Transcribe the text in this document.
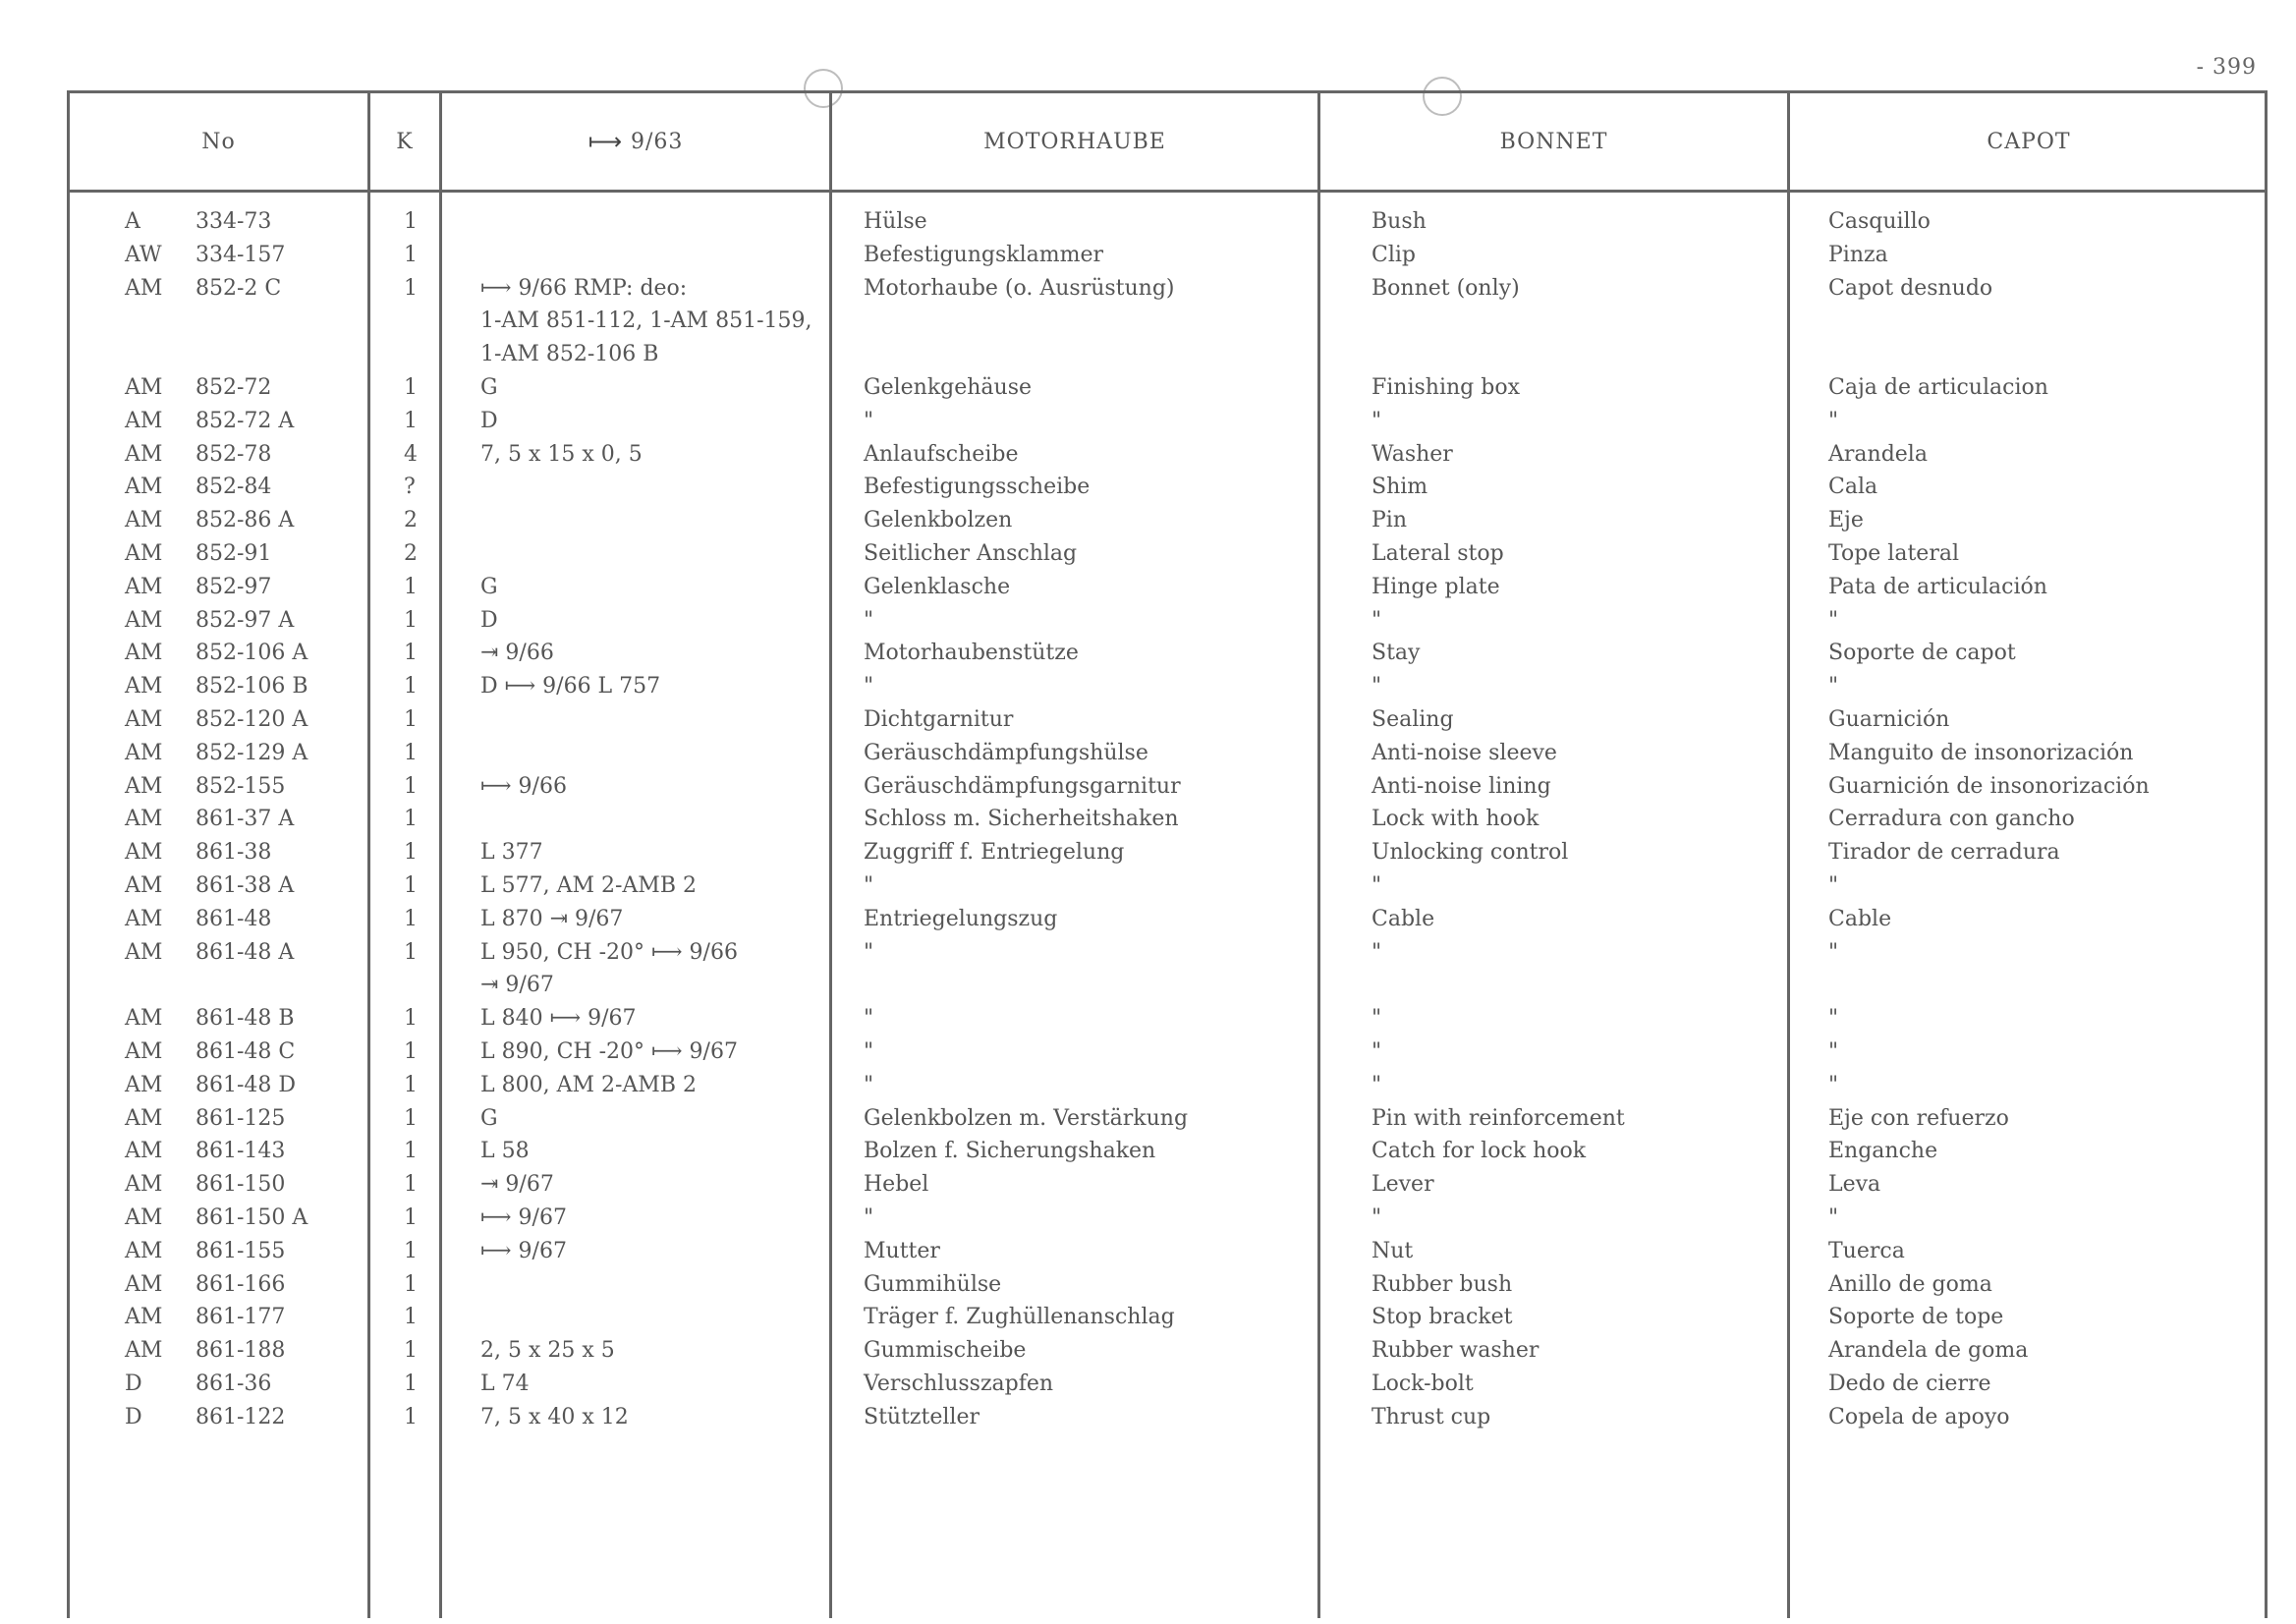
- 399
No	K	⟼ 9/63	MOTORHAUBE	BONNET	CAPOT
A	334-73	1	Hülse	Bush	Casquillo
AW	334-157	1	Befestigungsklammer	Clip	Pinza
AM	852-2 C	1	⟼ 9/66 RMP: deo:	Motorhaube (o. Ausrüstung)	Bonnet (only)	Capot desnudo
1-AM 851-112, 1-AM 851-159,
1-AM 852-106 B
AM	852-72	1	G	Gelenkgehäuse	Finishing box	Caja de articulacion
AM	852-72 A	1	D	"	"	"
AM	852-78	4	7, 5 x 15 x 0, 5	Anlaufscheibe	Washer	Arandela
AM	852-84	?	Befestigungsscheibe	Shim	Cala
AM	852-86 A	2	Gelenkbolzen	Pin	Eje
AM	852-91	2	Seitlicher Anschlag	Lateral stop	Tope lateral
AM	852-97	1	G	Gelenklasche	Hinge plate	Pata de articulación
AM	852-97 A	1	D	"	"	"
AM	852-106 A	1	⇥ 9/66	Motorhaubenstütze	Stay	Soporte de capot
AM	852-106 B	1	D ⟼ 9/66 L 757	"	"	"
AM	852-120 A	1	Dichtgarnitur	Sealing	Guarnición
AM	852-129 A	1	Geräuschdämpfungshülse	Anti-noise sleeve	Manguito de insonorización
AM	852-155	1	⟼ 9/66	Geräuschdämpfungsgarnitur	Anti-noise lining	Guarnición de insonorización
AM	861-37 A	1	Schloss m. Sicherheitshaken	Lock with hook	Cerradura con gancho
AM	861-38	1	L 377	Zuggriff f. Entriegelung	Unlocking control	Tirador de cerradura
AM	861-38 A	1	L 577, AM 2-AMB 2	"	"	"
AM	861-48	1	L 870 ⇥ 9/67	Entriegelungszug	Cable	Cable
AM	861-48 A	1	L 950, CH -20° ⟼ 9/66	"	"	"
⇥ 9/67
AM	861-48 B	1	L 840 ⟼ 9/67	"	"	"
AM	861-48 C	1	L 890, CH -20° ⟼ 9/67	"	"	"
AM	861-48 D	1	L 800, AM 2-AMB 2	"	"	"
AM	861-125	1	G	Gelenkbolzen m. Verstärkung	Pin with reinforcement	Eje con refuerzo
AM	861-143	1	L 58	Bolzen f. Sicherungshaken	Catch for lock hook	Enganche
AM	861-150	1	⇥ 9/67	Hebel	Lever	Leva
AM	861-150 A	1	⟼ 9/67	"	"	"
AM	861-155	1	⟼ 9/67	Mutter	Nut	Tuerca
AM	861-166	1	Gummihülse	Rubber bush	Anillo de goma
AM	861-177	1	Träger f. Zughüllenanschlag	Stop bracket	Soporte de tope
AM	861-188	1	2, 5 x 25 x 5	Gummischeibe	Rubber washer	Arandela de goma
D	861-36	1	L 74	Verschlusszapfen	Lock-bolt	Dedo de cierre
D	861-122	1	7, 5 x 40 x 12	Stützteller	Thrust cup	Copela de apoyo
